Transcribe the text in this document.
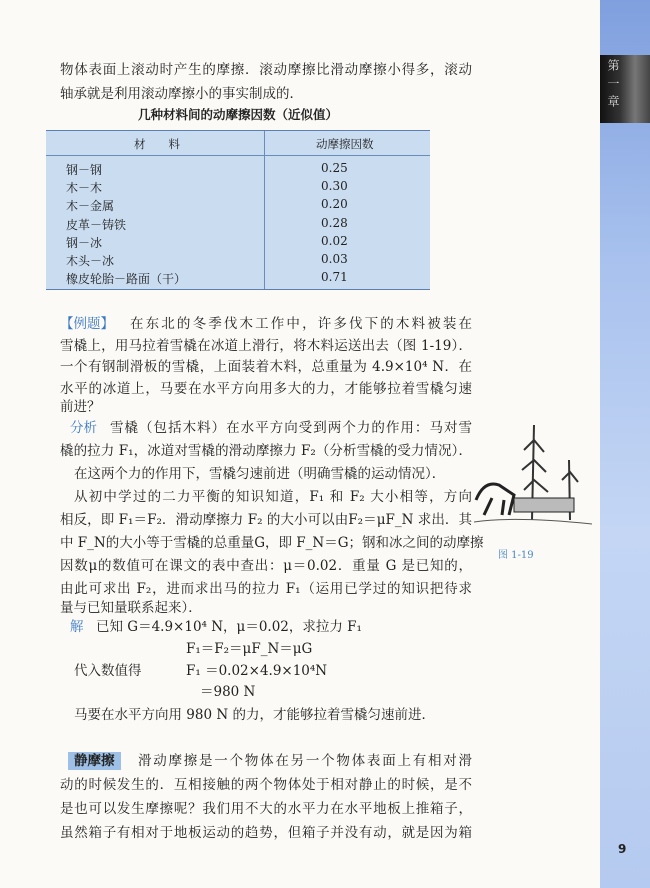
第一章
物体表面上滚动时产生的摩擦．滚动摩擦比滑动摩擦小得多，滚动
轴承就是利用滚动摩擦小的事实制成的．
几种材料间的动摩擦因数（近似值）
材　　料	动摩擦因数
钢－钢	0.25
木－木	0.30
木－金属	0.20
皮革－铸铁	0.28
钢－冰	0.02
木头－冰	0.03
橡皮轮胎－路面（干）	0.71
【例题】	在东北的冬季伐木工作中，许多伐下的木料被装在
雪橇上，用马拉着雪橇在冰道上滑行，将木料运送出去（图 1-19）．
一个有钢制滑板的雪橇，上面装着木料，总重量为 4.9×10⁴ N．在
水平的冰道上，马要在水平方向用多大的力，才能够拉着雪橇匀速
前进？
分析 雪橇（包括木料）在水平方向受到两个力的作用：马对雪
橇的拉力 F₁，冰道对雪橇的滑动摩擦力 F₂（分析雪橇的受力情况）．
在这两个力的作用下，雪橇匀速前进（明确雪橇的运动情况）．
从初中学过的二力平衡的知识知道，F₁ 和 F₂ 大小相等，方向
相反，即 F₁＝F₂．滑动摩擦力 F₂ 的大小可以由F₂＝μF_N 求出．其
中 F_N的大小等于雪橇的总重量G，即 F_N＝G；钢和冰之间的动摩擦
因数μ的数值可在课文的表中查出：μ＝0.02．重量 G 是已知的，
由此可求出 F₂，进而求出马的拉力 F₁（运用已学过的知识把待求
量与已知量联系起来）．
解 已知 G＝4.9×10⁴ N，μ＝0.02，求拉力 F₁
F₁＝F₂＝μF_N＝μG
代入数值得	F₁ ＝0.02×4.9×10⁴N
＝980 N
马要在水平方向用 980 N 的力，才能够拉着雪橇匀速前进．
静摩擦	滑动摩擦是一个物体在另一个物体表面上有相对滑
动的时候发生的．互相接触的两个物体处于相对静止的时候，是不
是也可以发生摩擦呢？我们用不大的水平力在水平地板上推箱子，
虽然箱子有相对于地板运动的趋势，但箱子并没有动，就是因为箱
图 1-19
9
